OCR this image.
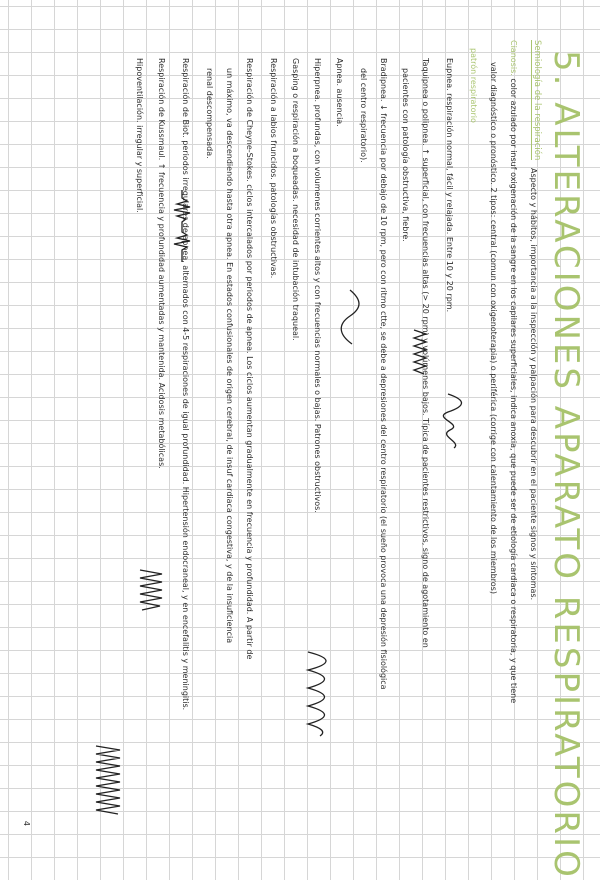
5. ALTERACIONES APARATO RESPIRATORIO
Semiología de la respiración
Aspecto y hábitos, importancia a la inspección y palpación para descubrir en el paciente signos y síntomas.
Cianosis. color azulado por insuf oxigenación de la sangre en los capilares superficiales, indica anoxia, que puede ser de etiología cardiaca o respiratoria, y que tiene
valor diagnóstico o pronóstico. 2 tipos: central (comun con oxigenoterapia) o periférica (corrige con calentamiento de los miembros)
patrón respiratorio
Eupnea. respiración normal, fácil y relajada. Entre 10 y 20 rpm.
Taquipnea o polipnea. ↑ superficial, con frecuencias altas (> 20 rpm) y volúmenes bajos. Típica de pacientes restrictivos, signo de agotamiento en
pacientes con patología obstructiva, fiebre.
Bradipnea. ↓ frecuencia por debajo de 10 rpm, pero con ritmo ctte, se debe a depresiones del centro respiratorio (el sueño provoca una depresión fisiológica
del centro respiratorio).
Apnea. ausencia.
Hiperpnea. profundas, con volumenes corrientes altos y con frecuencias normales o bajas. Patrones obstructivos.
Gasping o respiración a boqueadas. necesidad de intubación traqueal.
Respiración a labios fruncidos. patologías obstructivas.
Respiración de Cheyne-Stokes. ciclos intercalados por periodos de apnea. Los ciclos aumentan gradualmente en frecuencia y profundidad. A partir de
un máximo, va descendiendo hasta otra apnea. En estados confusionales de origen cerebral, de insuf cardiaca congestiva, y de la insuficiencia
renal descompensada.
Respiración de Biot. periodos irregulares de apnea, alternados con 4-5 respiraciones de igual profundidad. Hipertensión endocraneal, y en encefalitis y meningitis.
Respiración de Kussmaul. ↑ frecuencia y profundidad aumentadas y mantenida. Acidosis metabólicas.
Hipoventilación. irregular y superficial.
4
